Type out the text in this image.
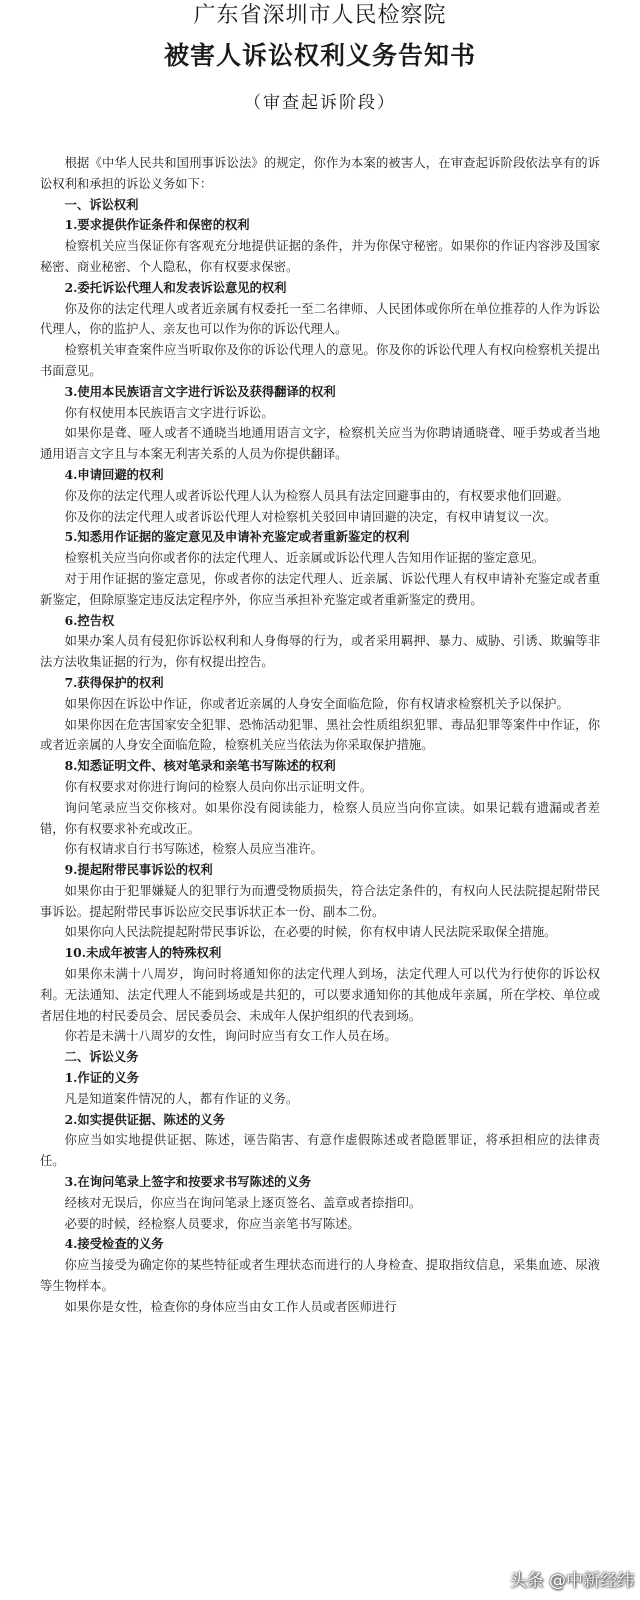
广东省深圳市人民检察院
被害人诉讼权利义务告知书
（审查起诉阶段）

根据《中华人民共和国刑事诉讼法》的规定，你作为本案的被害人，在审查起诉阶段依法享有的诉讼权利和承担的诉讼义务如下：

一、诉讼权利

1.要求提供作证条件和保密的权利

检察机关应当保证你有客观充分地提供证据的条件，并为你保守秘密。如果你的作证内容涉及国家秘密、商业秘密、个人隐私，你有权要求保密。

2.委托诉讼代理人和发表诉讼意见的权利

你及你的法定代理人或者近亲属有权委托一至二名律师、人民团体或你所在单位推荐的人作为诉讼代理人，你的监护人、亲友也可以作为你的诉讼代理人。

检察机关审查案件应当听取你及你的诉讼代理人的意见。你及你的诉讼代理人有权向检察机关提出书面意见。

3.使用本民族语言文字进行诉讼及获得翻译的权利

你有权使用本民族语言文字进行诉讼。

如果你是聋、哑人或者不通晓当地通用语言文字，检察机关应当为你聘请通晓聋、哑手势或者当地通用语言文字且与本案无利害关系的人员为你提供翻译。

4.申请回避的权利

你及你的法定代理人或者诉讼代理人认为检察人员具有法定回避事由的，有权要求他们回避。

你及你的法定代理人或者诉讼代理人对检察机关驳回申请回避的决定，有权申请复议一次。

5.知悉用作证据的鉴定意见及申请补充鉴定或者重新鉴定的权利

检察机关应当向你或者你的法定代理人、近亲属或诉讼代理人告知用作证据的鉴定意见。

对于用作证据的鉴定意见，你或者你的法定代理人、近亲属、诉讼代理人有权申请补充鉴定或者重新鉴定，但除原鉴定违反法定程序外，你应当承担补充鉴定或者重新鉴定的费用。

6.控告权

如果办案人员有侵犯你诉讼权利和人身侮辱的行为，或者采用羁押、暴力、威胁、引诱、欺骗等非法方法收集证据的行为，你有权提出控告。

7.获得保护的权利

如果你因在诉讼中作证，你或者近亲属的人身安全面临危险，你有权请求检察机关予以保护。

如果你因在危害国家安全犯罪、恐怖活动犯罪、黑社会性质组织犯罪、毒品犯罪等案件中作证，你或者近亲属的人身安全面临危险，检察机关应当依法为你采取保护措施。

8.知悉证明文件、核对笔录和亲笔书写陈述的权利

你有权要求对你进行询问的检察人员向你出示证明文件。

询问笔录应当交你核对。如果你没有阅读能力，检察人员应当向你宣读。如果记载有遗漏或者差错，你有权要求补充或改正。

你有权请求自行书写陈述，检察人员应当准许。

9.提起附带民事诉讼的权利

如果你由于犯罪嫌疑人的犯罪行为而遭受物质损失，符合法定条件的，有权向人民法院提起附带民事诉讼。提起附带民事诉讼应交民事诉状正本一份、副本二份。

如果你向人民法院提起附带民事诉讼，在必要的时候，你有权申请人民法院采取保全措施。

10.未成年被害人的特殊权利

如果你未满十八周岁，询问时将通知你的法定代理人到场，法定代理人可以代为行使你的诉讼权利。无法通知、法定代理人不能到场或是共犯的，可以要求通知你的其他成年亲属，所在学校、单位或者居住地的村民委员会、居民委员会、未成年人保护组织的代表到场。

你若是未满十八周岁的女性，询问时应当有女工作人员在场。

二、诉讼义务

1.作证的义务

凡是知道案件情况的人，都有作证的义务。

2.如实提供证据、陈述的义务

你应当如实地提供证据、陈述，诬告陷害、有意作虚假陈述或者隐匿罪证，将承担相应的法律责任。

3.在询问笔录上签字和按要求书写陈述的义务

经核对无误后，你应当在询问笔录上逐页签名、盖章或者捺指印。

必要的时候，经检察人员要求，你应当亲笔书写陈述。

4.接受检查的义务

你应当接受为确定你的某些特征或者生理状态而进行的人身检查、提取指纹信息，采集血迹、尿液等生物样本。

如果你是女性，检查你的身体应当由女工作人员或者医师进行

头条 @中新经纬
